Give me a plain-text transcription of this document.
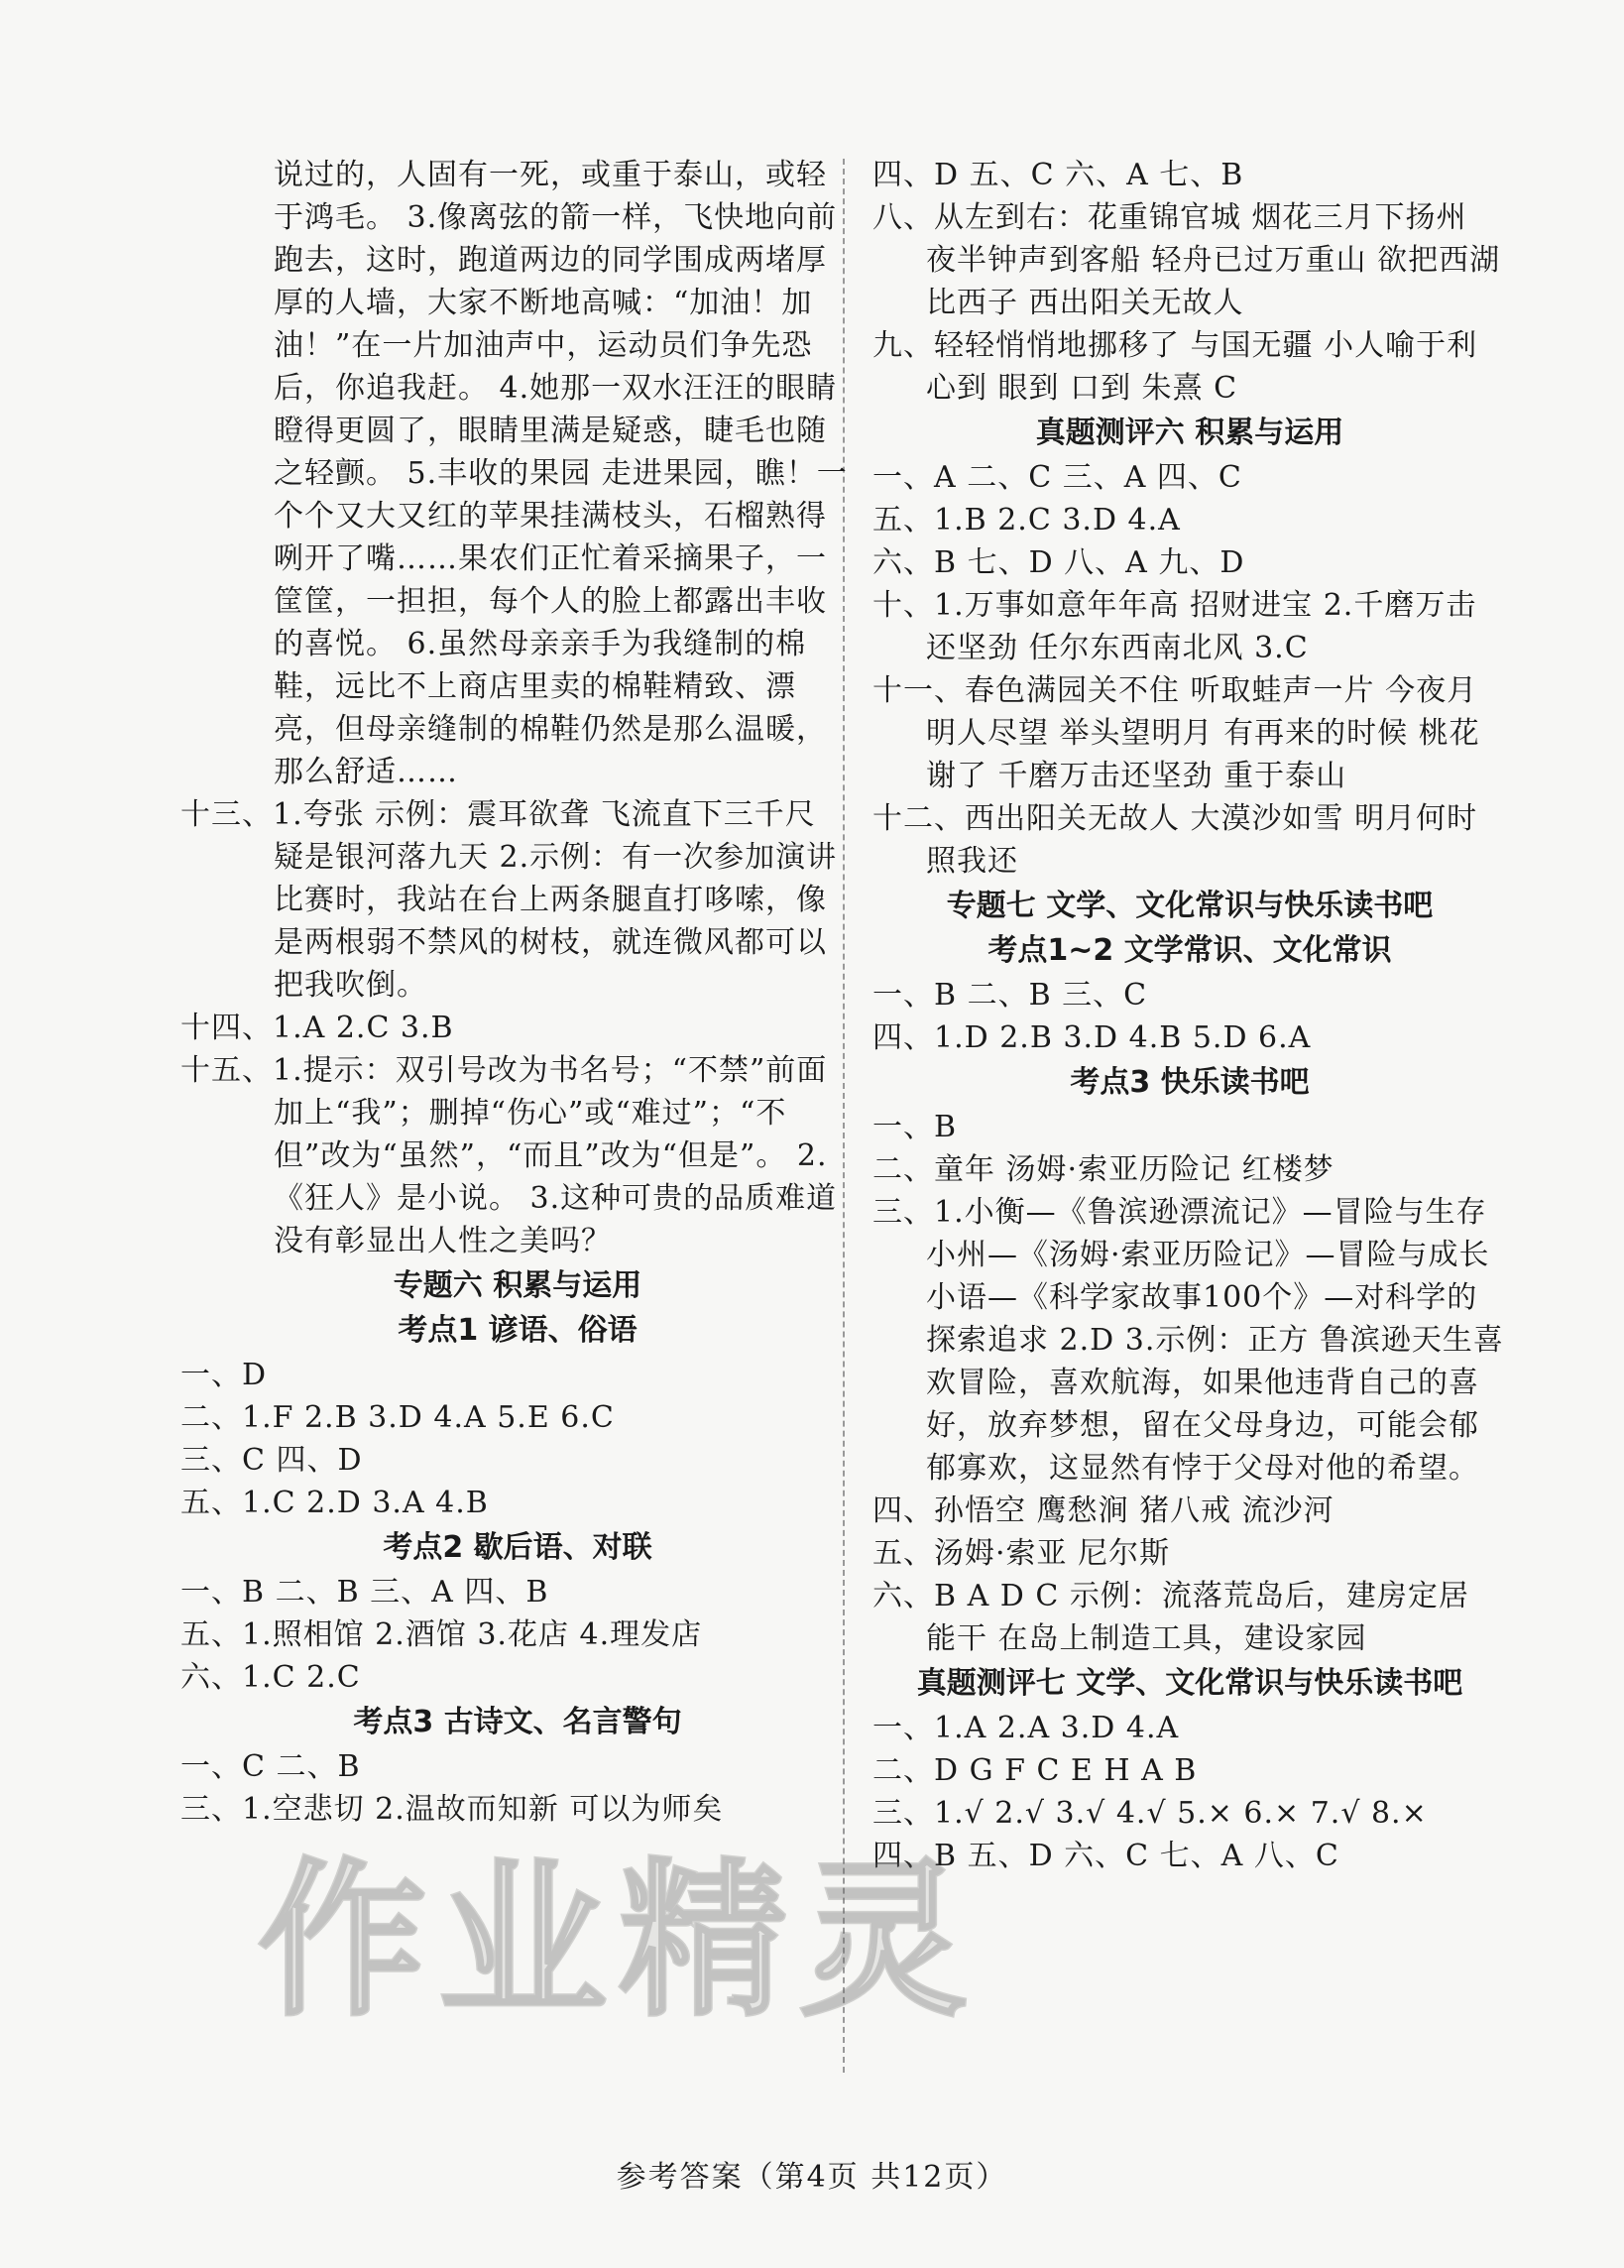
说过的，人固有一死，或重于泰山，或轻于鸿毛。 3.像离弦的箭一样，飞快地向前跑去，这时，跑道两边的同学围成两堵厚厚的人墙，大家不断地高喊：“加油！加油！”在一片加油声中，运动员们争先恐后，你追我赶。 4.她那一双水汪汪的眼睛瞪得更圆了，眼睛里满是疑惑，睫毛也随之轻颤。 5.丰收的果园 走进果园，瞧！一个个又大又红的苹果挂满枝头，石榴熟得咧开了嘴……果农们正忙着采摘果子，一筐筐，一担担，每个人的脸上都露出丰收的喜悦。 6.虽然母亲亲手为我缝制的棉鞋，远比不上商店里卖的棉鞋精致、漂亮，但母亲缝制的棉鞋仍然是那么温暖，那么舒适……

十三、1.夸张 示例：震耳欲聋 飞流直下三千尺 疑是银河落九天 2.示例：有一次参加演讲比赛时，我站在台上两条腿直打哆嗦，像是两根弱不禁风的树枝，就连微风都可以把我吹倒。

十四、1.A 2.C 3.B

十五、1.提示：双引号改为书名号；“不禁”前面加上“我”；删掉“伤心”或“难过”；“不但”改为“虽然”，“而且”改为“但是”。 2.《狂人》是小说。 3.这种可贵的品质难道没有彰显出人性之美吗？

专题六 积累与运用
考点1 谚语、俗语

一、D

二、1.F 2.B 3.D 4.A 5.E 6.C

三、C 四、D

五、1.C 2.D 3.A 4.B

考点2 歇后语、对联

一、B 二、B 三、A 四、B

五、1.照相馆 2.酒馆 3.花店 4.理发店

六、1.C 2.C

考点3 古诗文、名言警句

一、C 二、B

三、1.空悲切 2.温故而知新 可以为师矣

四、D 五、C 六、A 七、B

八、从左到右：花重锦官城 烟花三月下扬州 夜半钟声到客船 轻舟已过万重山 欲把西湖比西子 西出阳关无故人

九、轻轻悄悄地挪移了 与国无疆 小人喻于利 心到 眼到 口到 朱熹 C

真题测评六 积累与运用

一、A 二、C 三、A 四、C

五、1.B 2.C 3.D 4.A

六、B 七、D 八、A 九、D

十、1.万事如意年年高 招财进宝 2.千磨万击还坚劲 任尔东西南北风 3.C

十一、春色满园关不住 听取蛙声一片 今夜月明人尽望 举头望明月 有再来的时候 桃花谢了 千磨万击还坚劲 重于泰山

十二、西出阳关无故人 大漠沙如雪 明月何时照我还

专题七 文学、文化常识与快乐读书吧
考点1~2 文学常识、文化常识

一、B 二、B 三、C

四、1.D 2.B 3.D 4.B 5.D 6.A

考点3 快乐读书吧

一、B

二、童年 汤姆·索亚历险记 红楼梦

三、1.小衡—《鲁滨逊漂流记》—冒险与生存 小州—《汤姆·索亚历险记》—冒险与成长 小语—《科学家故事100个》—对科学的探索追求 2.D 3.示例：正方 鲁滨逊天生喜欢冒险，喜欢航海，如果他违背自己的喜好，放弃梦想，留在父母身边，可能会郁郁寡欢，这显然有悖于父母对他的希望。

四、孙悟空 鹰愁涧 猪八戒 流沙河

五、汤姆·索亚 尼尔斯

六、B A D C 示例：流落荒岛后，建房定居 能干 在岛上制造工具，建设家园

真题测评七 文学、文化常识与快乐读书吧

一、1.A 2.A 3.D 4.A

二、D G F C E H A B

三、1.√ 2.√ 3.√ 4.√ 5.× 6.× 7.√ 8.×

四、B 五、D 六、C 七、A 八、C

作业精灵
参考答案（第4页 共12页）
